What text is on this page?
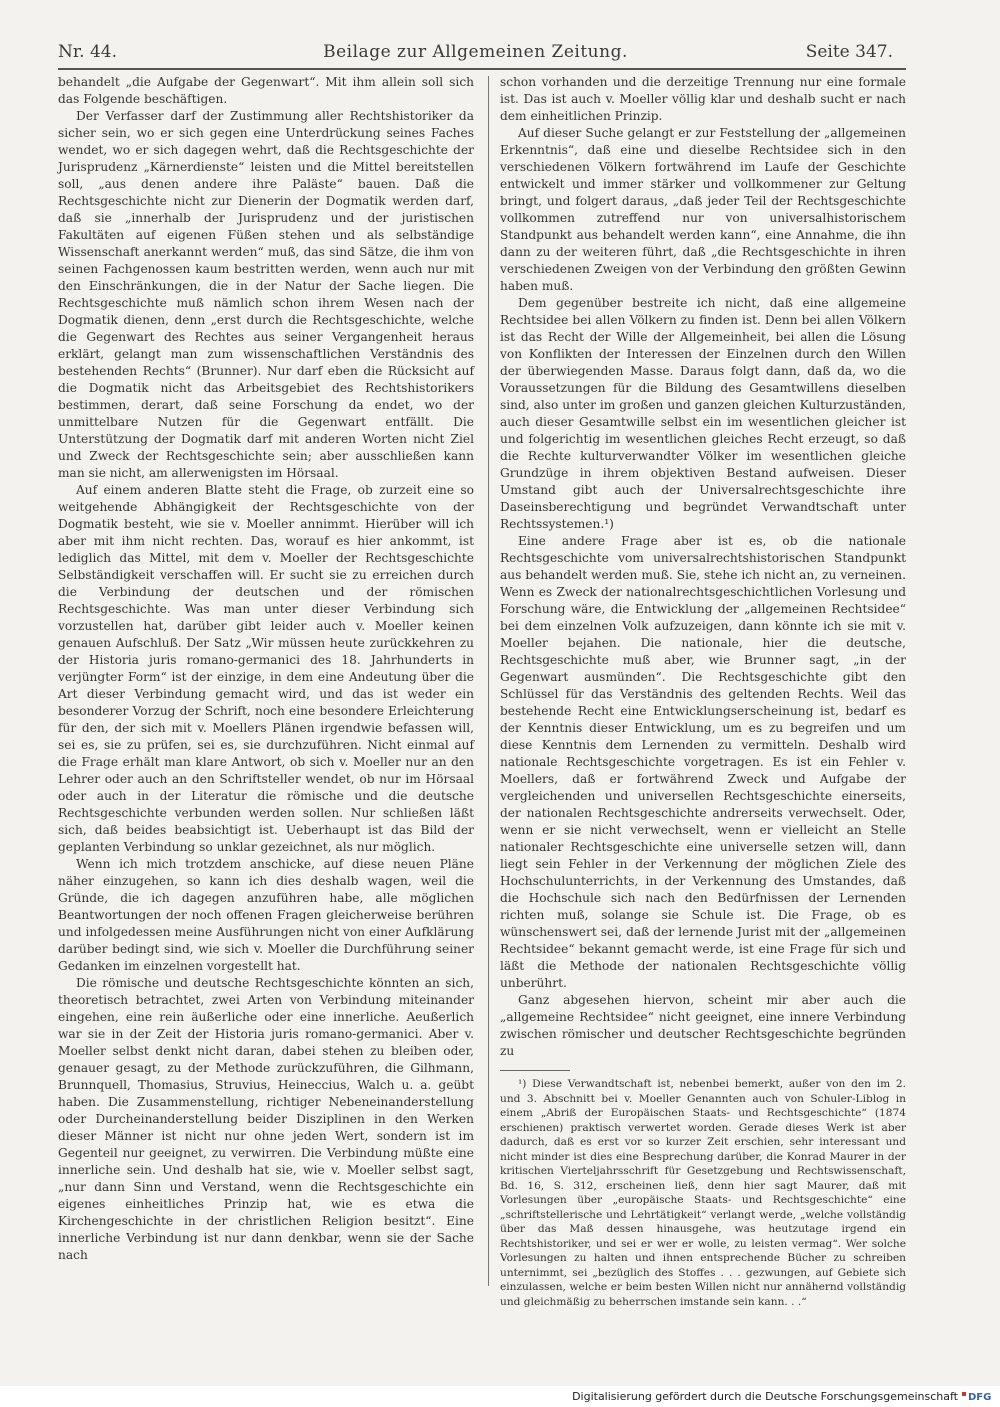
Nr. 44.	Beilage zur Allgemeinen Zeitung.	Seite 347.

behandelt „die Aufgabe der Gegenwart“. Mit ihm allein soll sich das Folgende beschäftigen.

Der Verfasser darf der Zustimmung aller Rechtshistoriker da sicher sein, wo er sich gegen eine Unterdrückung seines Faches wendet, wo er sich dagegen wehrt, daß die Rechtsgeschichte der Jurisprudenz „Kärnerdienste“ leisten und die Mittel bereitstellen soll, „aus denen andere ihre Paläste“ bauen. Daß die Rechtsgeschichte nicht zur Dienerin der Dogmatik werden darf, daß sie „innerhalb der Jurisprudenz und der juristischen Fakultäten auf eigenen Füßen stehen und als selbständige Wissenschaft anerkannt werden“ muß, das sind Sätze, die ihm von seinen Fachgenossen kaum bestritten werden, wenn auch nur mit den Einschränkungen, die in der Natur der Sache liegen. Die Rechtsgeschichte muß nämlich schon ihrem Wesen nach der Dogmatik dienen, denn „erst durch die Rechtsgeschichte, welche die Gegenwart des Rechtes aus seiner Vergangenheit heraus erklärt, gelangt man zum wissenschaftlichen Verständnis des bestehenden Rechts“ (Brunner). Nur darf eben die Rücksicht auf die Dogmatik nicht das Arbeitsgebiet des Rechtshistorikers bestimmen, derart, daß seine Forschung da endet, wo der unmittelbare Nutzen für die Gegenwart entfällt. Die Unterstützung der Dogmatik darf mit anderen Worten nicht Ziel und Zweck der Rechtsgeschichte sein; aber ausschließen kann man sie nicht, am allerwenigsten im Hörsaal.

Auf einem anderen Blatte steht die Frage, ob zurzeit eine so weitgehende Abhängigkeit der Rechtsgeschichte von der Dogmatik besteht, wie sie v. Moeller annimmt. Hierüber will ich aber mit ihm nicht rechten. Das, worauf es hier ankommt, ist lediglich das Mittel, mit dem v. Moeller der Rechtsgeschichte Selbständigkeit verschaffen will. Er sucht sie zu erreichen durch die Verbindung der deutschen und der römischen Rechtsgeschichte. Was man unter dieser Verbindung sich vorzustellen hat, darüber gibt leider auch v. Moeller keinen genauen Aufschluß. Der Satz „Wir müssen heute zurückkehren zu der Historia juris romano-germanici des 18. Jahrhunderts in verjüngter Form“ ist der einzige, in dem eine Andeutung über die Art dieser Verbindung gemacht wird, und das ist weder ein besonderer Vorzug der Schrift, noch eine besondere Erleichterung für den, der sich mit v. Moellers Plänen irgendwie befassen will, sei es, sie zu prüfen, sei es, sie durchzuführen. Nicht einmal auf die Frage erhält man klare Antwort, ob sich v. Moeller nur an den Lehrer oder auch an den Schriftsteller wendet, ob nur im Hörsaal oder auch in der Literatur die römische und die deutsche Rechtsgeschichte verbunden werden sollen. Nur schließen läßt sich, daß beides beabsichtigt ist. Ueberhaupt ist das Bild der geplanten Verbindung so unklar gezeichnet, als nur möglich.

Wenn ich mich trotzdem anschicke, auf diese neuen Pläne näher einzugehen, so kann ich dies deshalb wagen, weil die Gründe, die ich dagegen anzuführen habe, alle möglichen Beantwortungen der noch offenen Fragen gleicherweise berühren und infolgedessen meine Ausführungen nicht von einer Aufklärung darüber bedingt sind, wie sich v. Moeller die Durchführung seiner Gedanken im einzelnen vorgestellt hat.

Die römische und deutsche Rechtsgeschichte könnten an sich, theoretisch betrachtet, zwei Arten von Verbindung miteinander eingehen, eine rein äußerliche oder eine innerliche. Aeußerlich war sie in der Zeit der Historia juris romano-germanici. Aber v. Moeller selbst denkt nicht daran, dabei stehen zu bleiben oder, genauer gesagt, zu der Methode zurückzuführen, die Gilhmann, Brunnquell, Thomasius, Struvius, Heineccius, Walch u. a. geübt haben. Die Zusammenstellung, richtiger Nebeneinanderstellung oder Durcheinanderstellung beider Disziplinen in den Werken dieser Männer ist nicht nur ohne jeden Wert, sondern ist im Gegenteil nur geeignet, zu verwirren. Die Verbindung müßte eine innerliche sein. Und deshalb hat sie, wie v. Moeller selbst sagt, „nur dann Sinn und Verstand, wenn die Rechtsgeschichte ein eigenes einheitliches Prinzip hat, wie es etwa die Kirchengeschichte in der christlichen Religion besitzt“. Eine innerliche Verbindung ist nur dann denkbar, wenn sie der Sache nach

schon vorhanden und die derzeitige Trennung nur eine formale ist. Das ist auch v. Moeller völlig klar und deshalb sucht er nach dem einheitlichen Prinzip.

Auf dieser Suche gelangt er zur Feststellung der „allgemeinen Erkenntnis“, daß eine und dieselbe Rechtsidee sich in den verschiedenen Völkern fortwährend im Laufe der Geschichte entwickelt und immer stärker und vollkommener zur Geltung bringt, und folgert daraus, „daß jeder Teil der Rechtsgeschichte vollkommen zutreffend nur von universalhistorischem Standpunkt aus behandelt werden kann“, eine Annahme, die ihn dann zu der weiteren führt, daß „die Rechtsgeschichte in ihren verschiedenen Zweigen von der Verbindung den größten Gewinn haben muß.

Dem gegenüber bestreite ich nicht, daß eine allgemeine Rechtsidee bei allen Völkern zu finden ist. Denn bei allen Völkern ist das Recht der Wille der Allgemeinheit, bei allen die Lösung von Konflikten der Interessen der Einzelnen durch den Willen der überwiegenden Masse. Daraus folgt dann, daß da, wo die Voraussetzungen für die Bildung des Gesamtwillens dieselben sind, also unter im großen und ganzen gleichen Kulturzuständen, auch dieser Gesamtwille selbst ein im wesentlichen gleicher ist und folgerichtig im wesentlichen gleiches Recht erzeugt, so daß die Rechte kulturverwandter Völker im wesentlichen gleiche Grundzüge in ihrem objektiven Bestand aufweisen. Dieser Umstand gibt auch der Universalrechtsgeschichte ihre Daseinsberechtigung und begründet Verwandtschaft unter Rechtssystemen.¹)

Eine andere Frage aber ist es, ob die nationale Rechtsgeschichte vom universalrechtshistorischen Standpunkt aus behandelt werden muß. Sie, stehe ich nicht an, zu verneinen. Wenn es Zweck der nationalrechtsgeschichtlichen Vorlesung und Forschung wäre, die Entwicklung der „allgemeinen Rechtsidee“ bei dem einzelnen Volk aufzuzeigen, dann könnte ich sie mit v. Moeller bejahen. Die nationale, hier die deutsche, Rechtsgeschichte muß aber, wie Brunner sagt, „in der Gegenwart ausmünden“. Die Rechtsgeschichte gibt den Schlüssel für das Verständnis des geltenden Rechts. Weil das bestehende Recht eine Entwicklungserscheinung ist, bedarf es der Kenntnis dieser Entwicklung, um es zu begreifen und um diese Kenntnis dem Lernenden zu vermitteln. Deshalb wird nationale Rechtsgeschichte vorgetragen. Es ist ein Fehler v. Moellers, daß er fortwährend Zweck und Aufgabe der vergleichenden und universellen Rechtsgeschichte einerseits, der nationalen Rechtsgeschichte andrerseits verwechselt. Oder, wenn er sie nicht verwechselt, wenn er vielleicht an Stelle nationaler Rechtsgeschichte eine universelle setzen will, dann liegt sein Fehler in der Verkennung der möglichen Ziele des Hochschulunterrichts, in der Verkennung des Umstandes, daß die Hochschule sich nach den Bedürfnissen der Lernenden richten muß, solange sie Schule ist. Die Frage, ob es wünschenswert sei, daß der lernende Jurist mit der „allgemeinen Rechtsidee“ bekannt gemacht werde, ist eine Frage für sich und läßt die Methode der nationalen Rechtsgeschichte völlig unberührt.

Ganz abgesehen hiervon, scheint mir aber auch die „allgemeine Rechtsidee“ nicht geeignet, eine innere Verbindung zwischen römischer und deutscher Rechtsgeschichte begründen zu

¹) Diese Verwandtschaft ist, nebenbei bemerkt, außer von den im 2. und 3. Abschnitt bei v. Moeller Genannten auch von Schuler-Liblog in einem „Abriß der Europäischen Staats- und Rechtsgeschichte“ (1874 erschienen) praktisch verwertet worden. Gerade dieses Werk ist aber dadurch, daß es erst vor so kurzer Zeit erschien, sehr interessant und nicht minder ist dies eine Besprechung darüber, die Konrad Maurer in der kritischen Vierteljahrsschrift für Gesetzgebung und Rechtswissenschaft, Bd. 16, S. 312, erscheinen ließ, denn hier sagt Maurer, daß mit Vorlesungen über „europäische Staats- und Rechtsgeschichte“ eine „schriftstellerische und Lehrtätigkeit“ verlangt werde, „welche vollständig über das Maß dessen hinausgehe, was heutzutage irgend ein Rechtshistoriker, und sei er wer er wolle, zu leisten vermag“. Wer solche Vorlesungen zu halten und ihnen entsprechende Bücher zu schreiben unternimmt, sei „bezüglich des Stoffes . . . gezwungen, auf Gebiete sich einzulassen, welche er beim besten Willen nicht nur annähernd vollständig und gleichmäßig zu beherrschen imstande sein kann. . .“

Digitalisierung gefördert durch die Deutsche Forschungsgemeinschaft DFG
